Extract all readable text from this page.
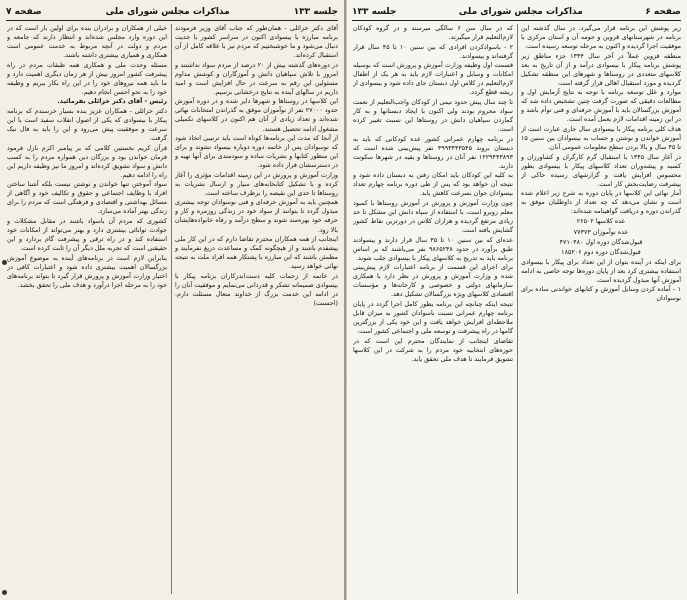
صفحه ۶
مذاکرات مجلس شورای ملی
جلسه ۱۳۳

زیر پوشش این برنامه قرار می‌گیرد. در سال گذشته این برنامه در شهرستانهای قزوین و حومه آن و استان مرکزی با موفقیت اجرا گردیده و اکنون به مرحله توسعه رسیده است.

منطقه قزوین عملاً در آخر سال ۱۳۴۴ جزء مناطق زیر پوشش برنامه پیکار با بیسوادی درآمد و از آن تاریخ به بعد کلاسهای متعددی در روستاها و شهرهای این منطقه تشکیل گردیده و مورد استقبال اهالی قرار گرفته است.

موارد و علل توسعه برنامه با توجه به نتایج آزمایش اول و مطالعات دقیقی که صورت گرفت چنین تشخیص داده شد که آموزش بزرگسالان باید با آموزش حرفه‌ای و فنی توأم باشد و در این زمینه اقدامات لازم بعمل آمده است.

هدف کلی برنامه پیکار با بیسوادی سال جاری عبارت است از آموزش خواندن و نوشتن و حساب به بیسوادان بین سنین ۱۵ تا ۴۵ سال و بالا بردن سطح معلومات عمومی آنان.

در آغاز سال ۱۳۴۵ با استقبال گرم کارگران و کشاورزان و کسبه و پیشه‌وران تعداد کلاسهای پیکار با بیسوادی بطور محسوس افزایش یافت و گزارشهای رسیده حاکی از پیشرفت رضایت‌بخش کار است.

آمار نهائی این کلاسها در پایان دوره به شرح زیر اعلام شده است و نشان می‌دهد که چه تعداد از داوطلبان موفق به گذراندن دوره و دریافت گواهینامه شده‌اند:

عده کلاسها ۲۶۵۰۲

عده نوآموزان ۷۷۳۷۳

قبول‌شدگان دوره اول ۴۷۱۰۴۸۰

قبول‌شدگان دوره دوم ۱۸۵۲۰۶

برای اینکه در آینده بتوان از این تعداد برای پیکار با بیسوادی استفاده بیشتری کرد بعد از پایان دوره‌ها توجه خاصی به ادامه آموزش آنها مبذول گردیده است.

۱ - آماده کردن وسایل آموزش و کتابهای خواندنی ساده برای نوسوادان

که در سال سن ۶ سالگی میرسند و در گروه کودکان لازم‌التعلیم قرار میگیرند.

۲ - باسوادکردن افرادی که بین سنین ۱۰ تا ۴۵ سال قرار گرفته‌اند و بیسوادند.

قسمت اول وظیفه وزارت آموزش و پرورش است که بوسیله امکانات و وسایل و اعتبارات لازم باید به هر یک از اطفال لازم‌التعلیم در کلاس اول دبستان جای داده شود و بیسوادی از ریشه قطع گردد.

تا چند سال پیش حدود نیمی از کودکان واجب‌التعلیم از نعمت سواد محروم بودند ولی اکنون با ایجاد دبستانها و به کار گماردن سپاهیان دانش در روستاها این نسبت تغییر کرده است.

در برنامه چهارم عمرانی کشور عده کودکانی که باید به دبستان بروند ۳۹۹۳۳۴۳۵۴۵ نفر پیش‌بینی شده است که ۱۲۲۹۴۴۳۸۹۳ نفر آنان در روستاها و بقیه در شهرها سکونت دارند.

به کلیه این کودکان باید امکان رفتن به دبستان داده شود و نتیجه آن خواهد بود که پس از طی دوره برنامه چهارم تعداد بیسوادان جوان بسرعت کاهش یابد.

چون وزارت آموزش و پرورش در آموزش روستاها با کمبود معلم روبرو است، با استفاده از سپاه دانش این مشکل تا حد زیادی مرتفع گردیده و هزاران کلاس در دورترین نقاط کشور گشایش یافته است.

عده‌ای که بین سنین ۱۰ تا ۴۵ سال قرار دارند و بیسوادند طبق برآورد در حدود ۹۸۶۵۲۳۸ نفر می‌باشند که بر اساس برنامه باید به تدریج به کلاسهای پیکار با بیسوادی جلب شوند.

برای اجرای این قسمت از برنامه اعتبارات لازم پیش‌بینی شده و وزارت آموزش و پرورش در نظر دارد با همکاری سازمانهای دولتی و خصوصی و کارخانه‌ها و مؤسسات اقتصادی کلاسهای ویژه بزرگسالان تشکیل دهد.

نتیجه اینکه چنانچه این برنامه بطور کامل اجرا گردد در پایان برنامه چهارم عمرانی نسبت باسوادان کشور به میزان قابل ملاحظه‌ای افزایش خواهد یافت و این خود یکی از بزرگترین گامها در راه پیشرفت و توسعه ملی و اجتماعی کشور است.

تقاضای اینجانب از نمایندگان محترم این است که در حوزه‌های انتخابیه خود مردم را به شرکت در این کلاسها تشویق فرمایند تا هدف ملی تحقق یابد.

جلسه ۱۳۳
مذاکرات مجلس شورای ملی
صفحه ۷

آقای دکتر خزائلی - همان‌طور که جناب آقای وزیر فرمودند برنامه مبارزه با بیسوادی اکنون در سراسر کشور با جدیت دنبال می‌شود و ما خوشبختیم که مردم نیز با علاقه کامل از آن استقبال کرده‌اند.

در دوره‌های گذشته بیش از ۲۰ درصد از مردم سواد نداشتند و امروز با تلاش سپاهیان دانش و آموزگاران و کوشش مداوم مسئولین این رقم به سرعت در حال افزایش است و امید داریم در سالهای آینده به نتایج درخشانی برسیم.

این کلاسها در روستاها و شهرها دایر شده و در دوره آموزش حدود ۲۷۰۰۰ نفر از نوآموزان موفق به گذراندن امتحانات نهائی شده‌اند و تعداد زیادی از آنان هم اکنون در کلاسهای تکمیلی مشغول ادامه تحصیل هستند.

از آنجا که مدت این برنامه‌ها کوتاه است باید ترتیبی اتخاذ شود که نوسوادان پس از خاتمه دوره دوباره بیسواد نشوند و برای این منظور کتابها و نشریات ساده و سودمندی برای آنها تهیه و در دسترسشان قرار داده شود.

وزارت آموزش و پرورش در این زمینه اقدامات مؤثری را آغاز کرده و با تشکیل کتابخانه‌های سیار و ارسال نشریات به روستاها تا حدی این نقیصه را برطرف ساخته است.

همچنین باید به آموزش حرفه‌ای و فنی نوسوادان توجه بیشتری مبذول گردد تا بتوانند از سواد خود در زندگی روزمره و کار و حرفه خود بهره‌مند شوند و سطح درآمد و رفاه خانواده‌هایشان بالا رود.

اینجانب از همه همکاران محترم تقاضا دارم که در این کار ملی پیشقدم باشند و از هیچگونه کمک و مساعدت دریغ نفرمایند و مطمئن باشند که این مبارزه با پشتکار همه افراد ملت به نتیجه نهائی خواهد رسید.

در خاتمه از زحمات کلیه دست‌اندرکاران برنامه پیکار با بیسوادی صمیمانه تشکر و قدردانی می‌نمایم و موفقیت آنان را در ادامه این خدمت بزرگ از خداوند متعال مسئلت دارم. (احسنت)

خیلی از همکاران و برادران بنده برای اولین بار است که در این دوره وارد مجلس شده‌اند و انتظار دارند که جامعه و مردم و دولت در آنچه مربوط به خدمت عمومی است همکاری و همیاری بیشتری داشته باشند.

مسئله وحدت ملی و همکاری همه طبقات مردم در راه پیشرفت کشور امروز بیش از هر زمان دیگری اهمیت دارد و ما باید همه نیروهای خود را در این راه بکار ببریم و وظیفه خود را به نحو احسن انجام دهیم.

رئیس - آقای دکتر خزائلی بفرمائید.

دکتر خزائلی - همکاران عزیز بنده بسیار خرسندم که برنامه پیکار با بیسوادی که یکی از اصول انقلاب سفید است با این سرعت و موفقیت پیش می‌رود و این را باید به فال نیک گرفت.

قرآن کریم نخستین کلامی که بر پیامبر اکرم نازل فرمود فرمان خواندن بود و بزرگان دین همواره مردم را به کسب دانش و سواد تشویق کرده‌اند و امروز ما نیز وظیفه داریم این راه را ادامه دهیم.

سواد آموختن تنها خواندن و نوشتن نیست بلکه آشنا ساختن افراد با وظایف اجتماعی و حقوق و تکالیف خود و آگاهی از مسائل بهداشتی و اقتصادی و فرهنگی است که مردم را برای زندگی بهتر آماده می‌سازد.

کشوری که مردم آن باسواد باشند در مقابل مشکلات و حوادث توانائی بیشتری دارد و بهتر می‌تواند از امکانات خود استفاده کند و در راه ترقی و پیشرفت گام بردارد و این حقیقتی است که تجربه ملل دیگر آن را ثابت کرده است.

بنابراین لازم است در برنامه‌های آینده به موضوع آموزش بزرگسالان اهمیت بیشتری داده شود و اعتبارات کافی در اختیار وزارت آموزش و پرورش قرار گیرد تا بتواند برنامه‌های خود را به مرحله اجرا درآورد و هدف ملی را تحقق بخشد.
